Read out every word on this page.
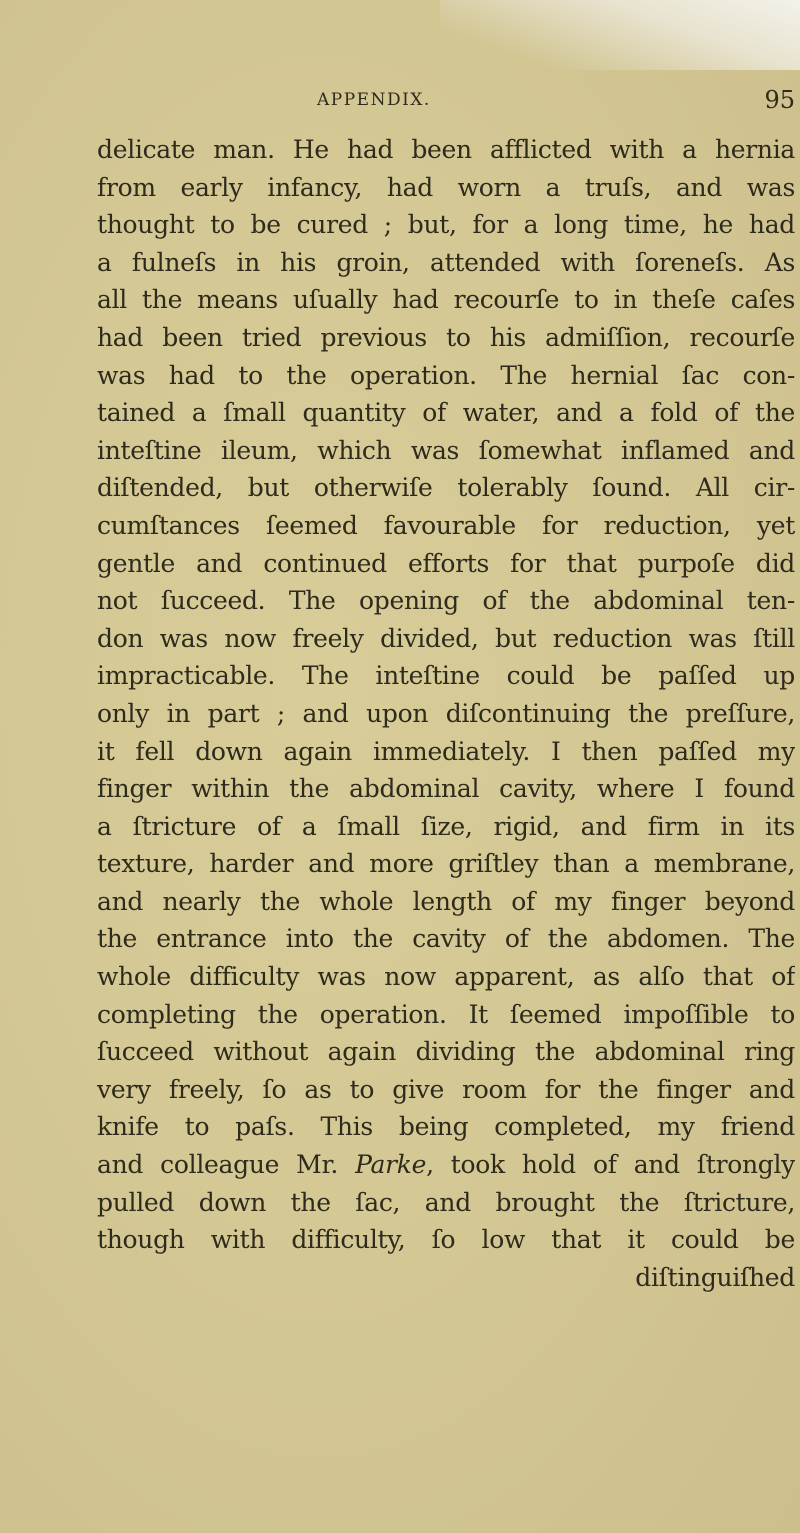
APPENDIX.	95
delicate man. He had been afflicted with a hernia
from early infancy, had worn a truſs, and was
thought to be cured ; but, for a long time, he had
a fulneſs in his groin, attended with ſoreneſs. As
all the means uſually had recourſe to in theſe caſes
had been tried previous to his admiſſion, recourſe
was had to the operation. The hernial ſac con-
tained a ſmall quantity of water, and a fold of the
inteſtine ileum, which was ſomewhat inflamed and
diſtended, but otherwiſe tolerably ſound. All cir-
cumſtances ſeemed favourable for reduction, yet
gentle and continued efforts for that purpoſe did
not ſucceed. The opening of the abdominal ten-
don was now freely divided, but reduction was ſtill
impracticable. The inteſtine could be paſſed up
only in part ; and upon diſcontinuing the preſſure,
it fell down again immediately. I then paſſed my
finger within the abdominal cavity, where I found
a ſtricture of a ſmall ſize, rigid, and firm in its
texture, harder and more griſtley than a membrane,
and nearly the whole length of my finger beyond
the entrance into the cavity of the abdomen. The
whole difficulty was now apparent, as alſo that of
completing the operation. It ſeemed impoſſible to
ſucceed without again dividing the abdominal ring
very freely, ſo as to give room for the finger and
knife to paſs. This being completed, my friend
and colleague Mr. Parke, took hold of and ſtrongly
pulled down the ſac, and brought the ſtricture,
though with difficulty, ſo low that it could be
diſtinguiſhed
